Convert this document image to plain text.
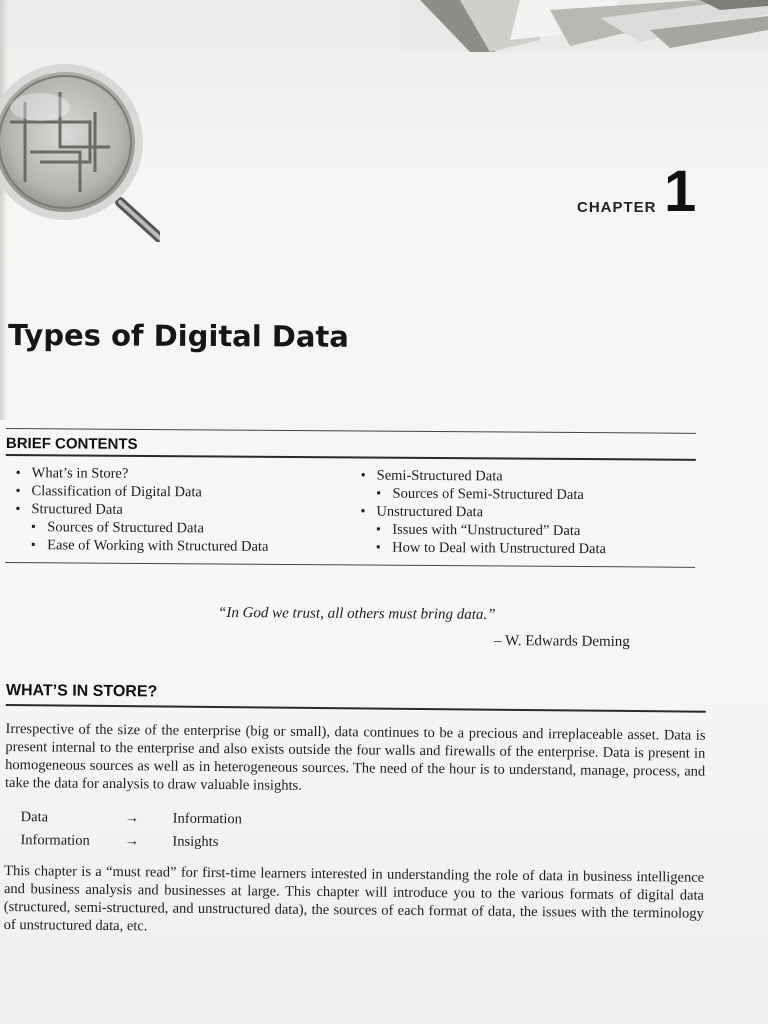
CHAPTER 1
Types of Digital Data
BRIEF CONTENTS
• What’s in Store?
• Classification of Digital Data
• Structured Data
▪ Sources of Structured Data
▪ Ease of Working with Structured Data
• Semi-Structured Data
▪ Sources of Semi-Structured Data
• Unstructured Data
▪ Issues with “Unstructured” Data
▪ How to Deal with Unstructured Data
“In God we trust, all others must bring data.”
– W. Edwards Deming
WHAT’S IN STORE?

Irrespective of the size of the enterprise (big or small), data continues to be a precious and irreplaceable asset. Data is present internal to the enterprise and also exists outside the four walls and firewalls of the enterprise. Data is present in homogeneous sources as well as in heterogeneous sources. The need of the hour is to understand, manage, process, and take the data for analysis to draw valuable insights.

Data	→	Information
Information	→	Insights

This chapter is a “must read” for first-time learners interested in understanding the role of data in business intelligence and business analysis and businesses at large. This chapter will introduce you to the various formats of digital data (structured, semi-structured, and unstructured data), the sources of each format of data, the issues with the terminology of unstructured data, etc.
